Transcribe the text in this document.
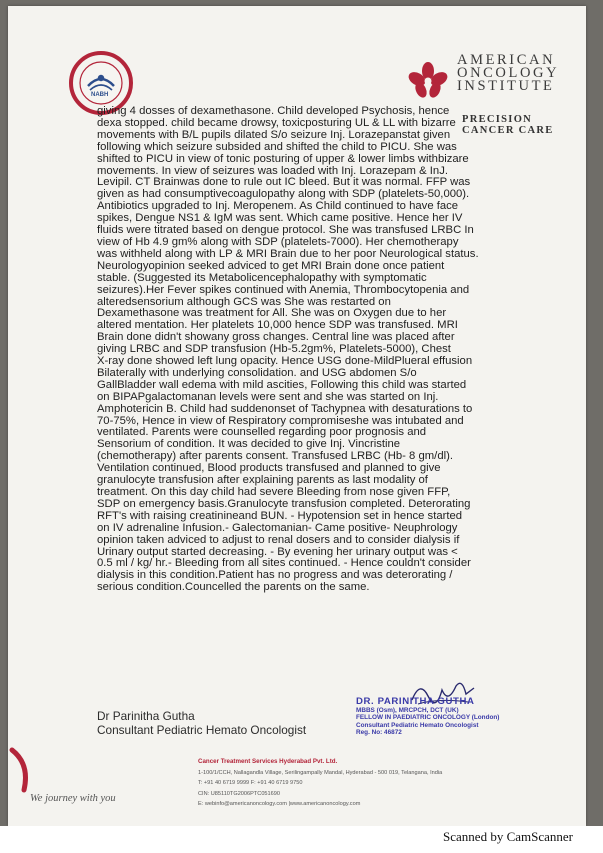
NABH
AMERICAN
ONCOLOGY
INSTITUTE
PRECISION CANCER CARE
giving 4 dosses of dexamethasone. Child developed Psychosis, hence
dexa stopped. child became drowsy, toxicposturing UL & LL with bizarre
movements with B/L pupils dilated S/o seizure Inj. Lorazepanstat given
following which seizure subsided and shifted the child to PICU. She was
shifted to PICU in view of tonic posturing of upper & lower limbs withbizare
movements. In view of seizures was loaded with Inj. Lorazepam & InJ.
Levipil. CT Brainwas done to rule out IC bleed. But it was normal. FFP was
given as had consumptivecoagulopathy along with SDP (platelets-50,000).
Antibiotics upgraded to Inj. Meropenem. As Child continued to have face
spikes, Dengue NS1 & IgM was sent. Which came positive. Hence her IV
fluids were titrated based on dengue protocol. She was transfused LRBC In
view of Hb 4.9 gm% along with SDP (platelets-7000). Her chemotherapy
was withheld along with LP & MRI Brain due to her poor Neurological status.
Neurologyopinion seeked adviced to get MRI Brain done once patient
stable. (Suggested its Metabolicencephalopathy with symptomatic
seizures).Her Fever spikes continued with Anemia, Thrombocytopenia and
alteredsensorium although GCS was She was restarted on
Dexamethasone was treatment for All. She was on Oxygen due to her
altered mentation. Her platelets 10,000 hence SDP was transfused. MRI
Brain done didn't showany gross changes. Central line was placed after
giving LRBC and SDP transfusion (Hb-5.2gm%, Platelets-5000), Chest
X-ray done showed left lung opacity. Hence USG done-MildPlueral effusion
Bilaterally with underlying consolidation. and USG abdomen S/o
GallBladder wall edema with mild ascities, Following this child was started
on BIPAPgalactomanan levels were sent and she was started on Inj.
Amphotericin B. Child had suddenonset of Tachypnea with desaturations to
70-75%, Hence in view of Respiratory compromiseshe was intubated and
ventilated. Parents were counselled regarding poor prognosis and
Sensorium of condition. It was decided to give Inj. Vincristine
(chemotherapy) after parents consent. Transfused LRBC (Hb- 8 gm/dl).
Ventilation continued, Blood products transfused and planned to give
granulocyte transfusion after explaining parents as last modality of
treatment. On this day child had severe Bleeding from nose given FFP,
SDP on emergency basis.Granulocyte transfusion completed. Deterorating
RFT's with raising creatinineand BUN. - Hypotension set in hence started
on IV adrenaline Infusion.- Galectomanian- Came positive- Neuphrology
opinion taken adviced to adjust to renal dosers and to consider dialysis if
Urinary output started decreasing. - By evening her urinary output was <
0.5 ml / kg/ hr.- Bleeding from all sites continued. - Hence couldn't consider
dialysis in this condition.Patient has no progress and was deterorating /
serious condition.Councelled the parents on the same.
Dr Parinitha Gutha
Consultant Pediatric Hemato Oncologist
DR. PARINITHA GUTHA
MBBS (Osm), MRCPCH, DCT (UK)
FELLOW IN PAEDIATRIC ONCOLOGY (London)
Consultant Pediatric Hemato Oncologist
Reg. No: 46872
We journey with you
Cancer Treatment Services Hyderabad Pvt. Ltd.
1-100/1/CCH, Nallagandla Village, Serilingampally Mandal, Hyderabad - 500 019, Telangana, India
T: +91 40 6719 9999 F: +91 40 6719 9750
CIN: U85110TG2006PTC051690
E: webinfo@americanoncology.com |www.americanoncology.com
Scanned by CamScanner
